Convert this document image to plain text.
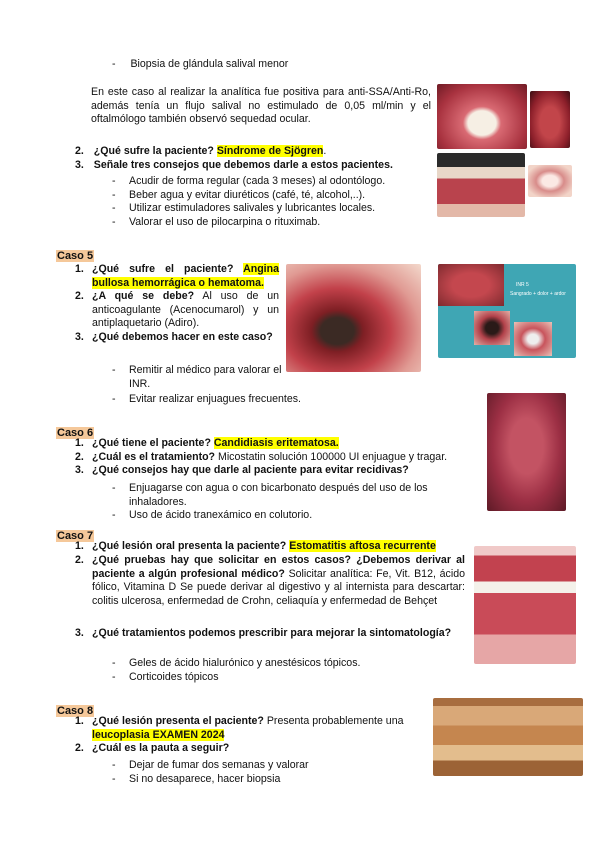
- Biopsia de glándula salival menor
En este caso al realizar la analítica fue positiva para anti-SSA/Anti-Ro, además tenía un flujo salival no estimulado de 0,05 ml/min y el oftalmólogo también observó sequedad ocular.
2. ¿Qué sufre la paciente? Síndrome de Sjögren.
3. Señale tres consejos que debemos darle a estos pacientes.
- Acudir de forma regular (cada 3 meses) al odontólogo.
- Beber agua y evitar diuréticos (café, té, alcohol,..).
- Utilizar estimuladores salivales y lubricantes locales.
- Valorar el uso de pilocarpina o rituximab.
Caso 5
1. ¿Qué sufre el paciente? Angina bullosa hemorrágica o hematoma.
2. ¿A qué se debe? Al uso de un anticoagulante (Acenocumarol) y un antiplaquetario (Adiro).
3. ¿Qué debemos hacer en este caso?
- Remitir al médico para valorar el INR.
- Evitar realizar enjuagues frecuentes.
INR 5
Sangrado + dolor + ardor
Caso 6
1. ¿Qué tiene el paciente? Candidiasis eritematosa.
2. ¿Cuál es el tratamiento? Micostatin solución 100000 UI enjuague y tragar.
3. ¿Qué consejos hay que darle al paciente para evitar recidivas?
- Enjuagarse con agua o con bicarbonato después del uso de los inhaladores.
- Uso de ácido tranexámico en colutorio.
Caso 7
1. ¿Qué lesión oral presenta la paciente? Estomatitis aftosa recurrente
2. ¿Qué pruebas hay que solicitar en estos casos? ¿Debemos derivar al paciente a algún profesional médico? Solicitar analítica: Fe, Vit. B12, ácido fólico, Vitamina D Se puede derivar al digestivo y al internista para descartar: colitis ulcerosa, enfermedad de Crohn, celiaquía y enfermedad de Behçet
3. ¿Qué tratamientos podemos prescribir para mejorar la sintomatología?
- Geles de ácido hialurónico y anestésicos tópicos.
- Corticoides tópicos
Caso 8
1. ¿Qué lesión presenta el paciente? Presenta probablemente una leucoplasia EXAMEN 2024
2. ¿Cuál es la pauta a seguir?
- Dejar de fumar dos semanas y valorar
- Si no desaparece, hacer biopsia
